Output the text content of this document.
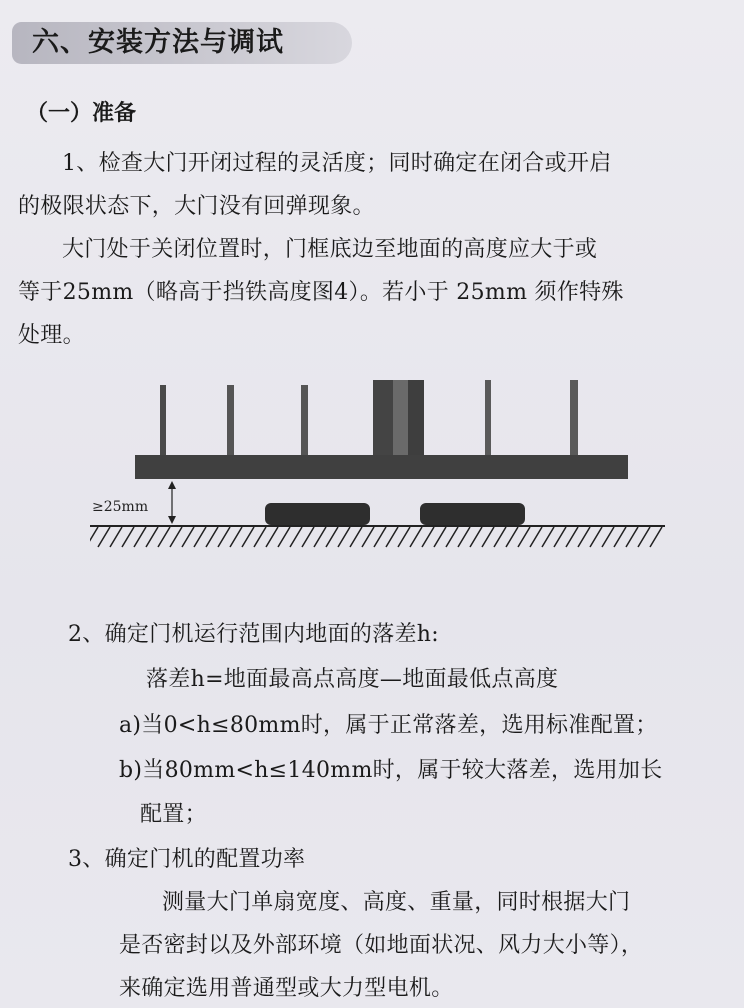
六、安装方法与调试
（一）准备
1、检查大门开闭过程的灵活度；同时确定在闭合或开启
的极限状态下，大门没有回弹现象。
大门处于关闭位置时，门框底边至地面的高度应大于或
等于25mm（略高于挡铁高度图4）。若小于 25mm 须作特殊
处理。
≥25mm
2、确定门机运行范围内地面的落差h:
落差h=地面最高点高度—地面最低点高度
a)当0<h≤80mm时，属于正常落差，选用标准配置；
b)当80mm<h≤140mm时，属于较大落差，选用加长
配置；
3、确定门机的配置功率
测量大门单扇宽度、高度、重量，同时根据大门
是否密封以及外部环境（如地面状况、风力大小等），
来确定选用普通型或大力型电机。
